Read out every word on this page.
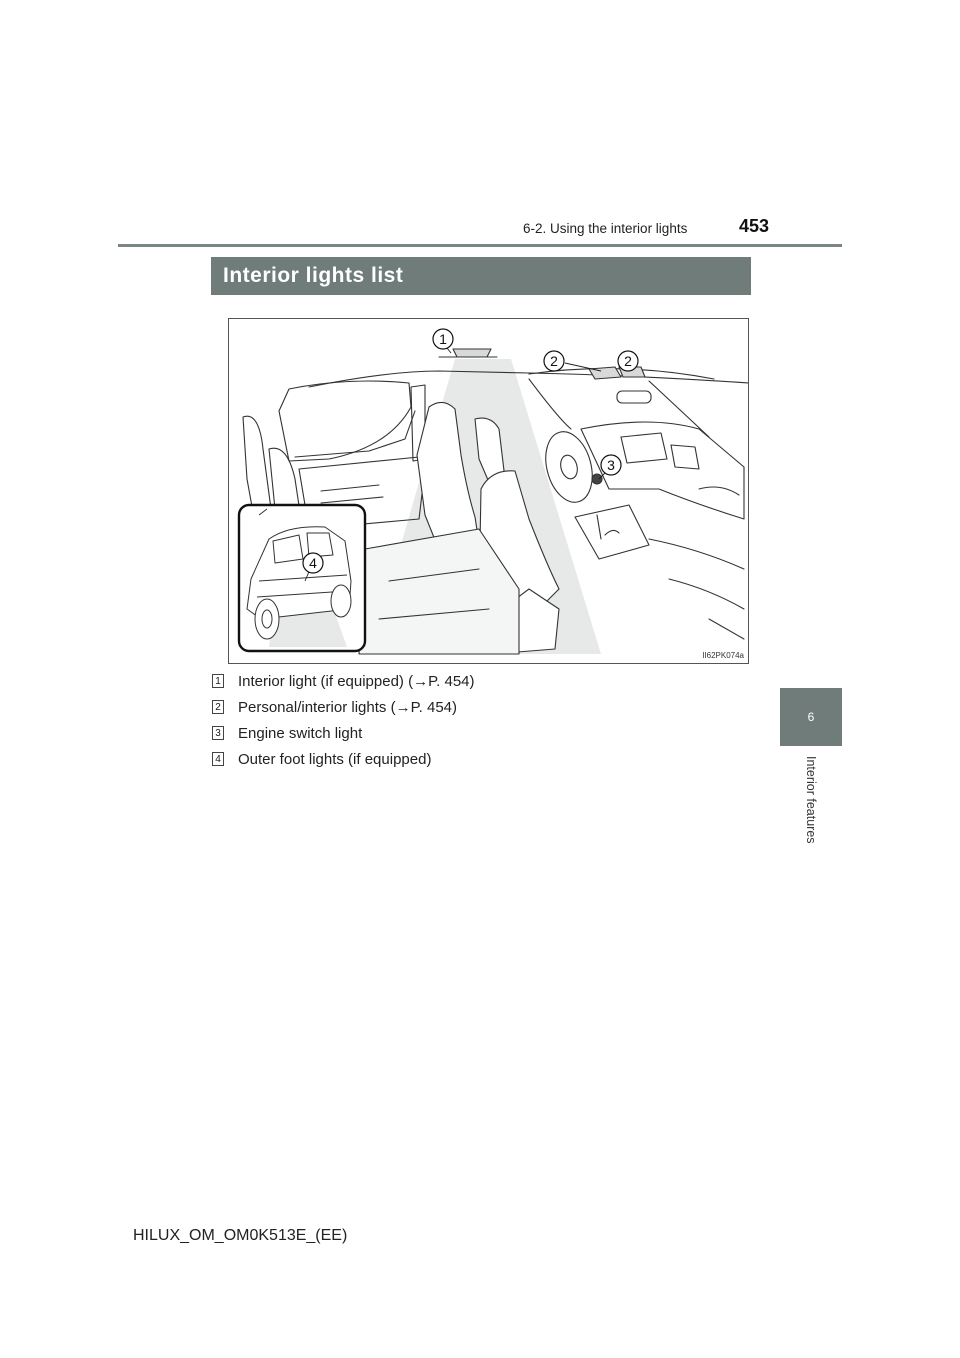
6-2. Using the interior lights	453
Interior lights list
6
Interior features
1
2	2
3
4
II62PK074a
1 Interior light (if equipped) (→P. 454)
2 Personal/interior lights (→P. 454)
3 Engine switch light
4 Outer foot lights (if equipped)
HILUX_OM_OM0K513E_(EE)
